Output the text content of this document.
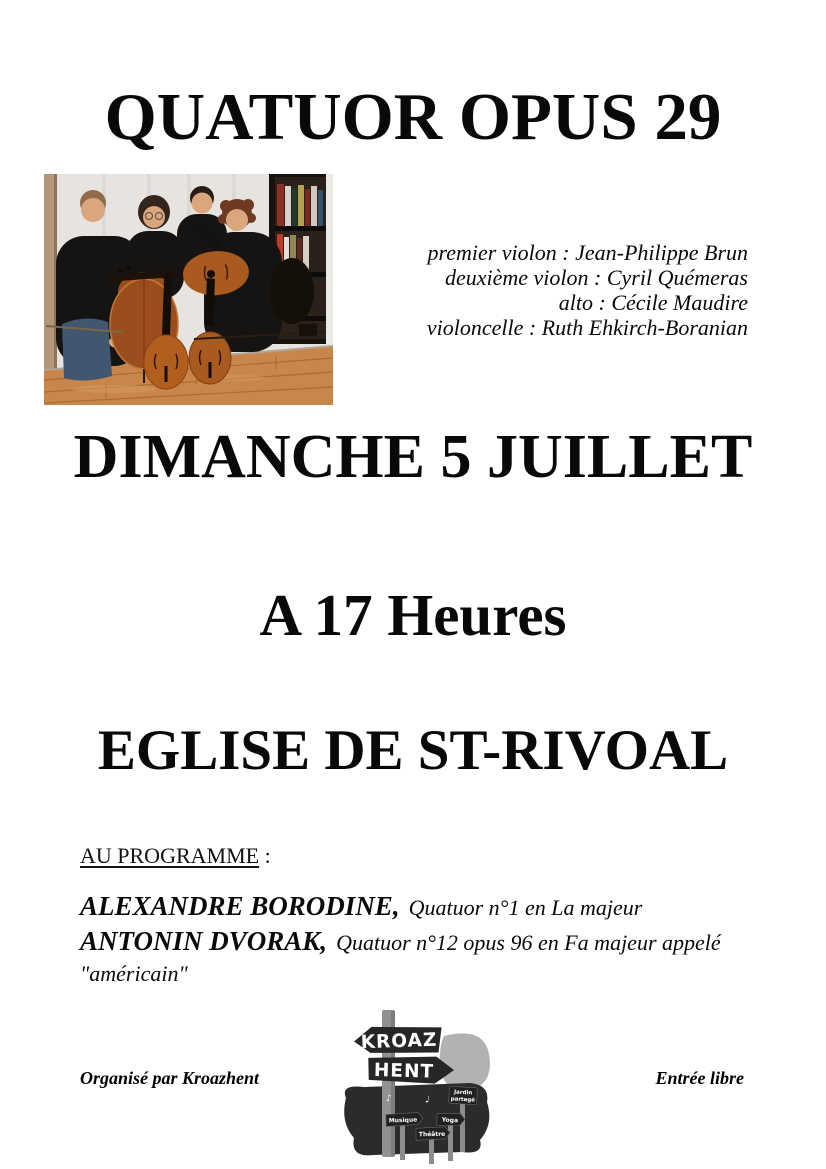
QUATUOR OPUS 29
premier violon : Jean-Philippe Brun
deuxième violon : Cyril Quémeras
alto : Cécile Maudire
violoncelle : Ruth Ehkirch-Boranian
DIMANCHE 5 JUILLET
A 17 Heures
EGLISE DE ST-RIVOAL
AU PROGRAMME :

ALEXANDRE BORODINE, Quatuor n°1 en La majeur

ANTONIN DVORAK, Quatuor n°12 opus 96 en Fa majeur appelé "américain"

KROAZ
HENT
♪	♩
Jardin
partagé
Musique	Yoga
Théâtre
Organisé par Kroazhent	Entrée libre
